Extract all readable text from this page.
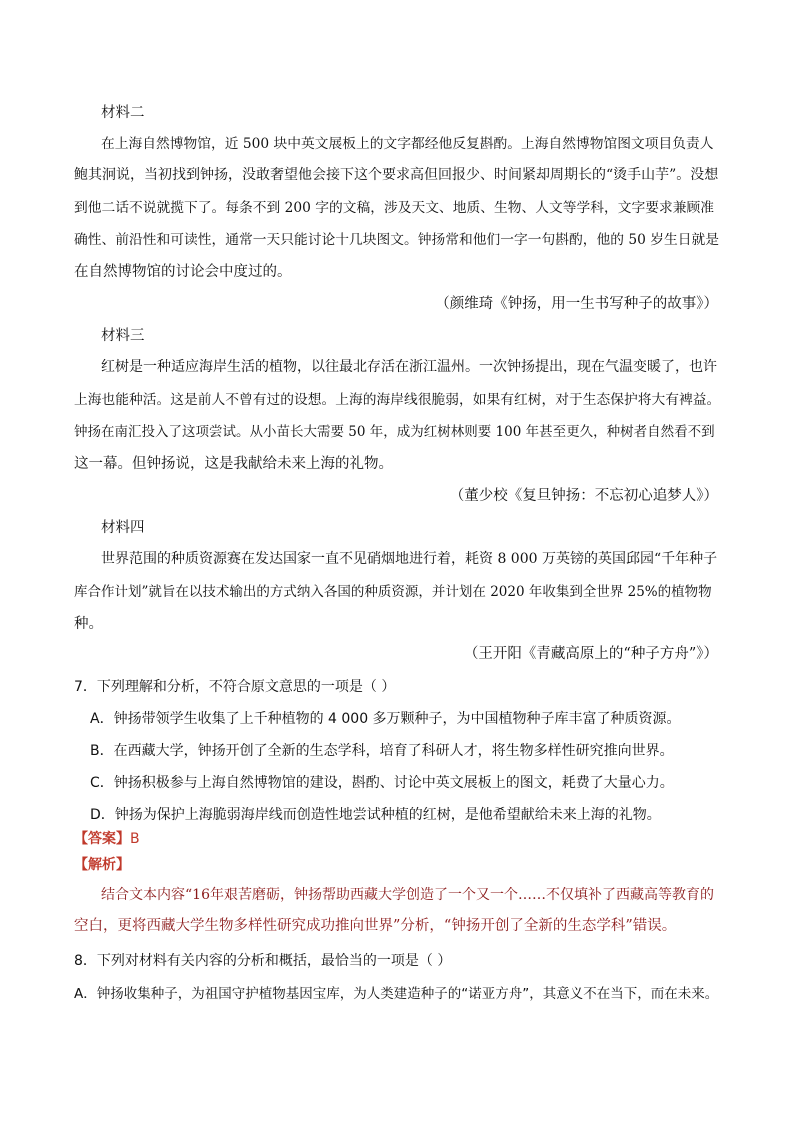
材料二
在上海自然博物馆，近 500 块中英文展板上的文字都经他反复斟酌。上海自然博物馆图文项目负责人
鲍其泂说，当初找到钟扬，没敢奢望他会接下这个要求高但回报少、时间紧却周期长的“烫手山芋”。没想
到他二话不说就揽下了。每条不到 200 字的文稿，涉及天文、地质、生物、人文等学科，文字要求兼顾准
确性、前沿性和可读性，通常一天只能讨论十几块图文。钟扬常和他们一字一句斟酌，他的 50 岁生日就是
在自然博物馆的讨论会中度过的。
（颜维琦《钟扬，用一生书写种子的故事》）
材料三
红树是一种适应海岸生活的植物，以往最北存活在浙江温州。一次钟扬提出，现在气温变暖了，也许
上海也能种活。这是前人不曾有过的设想。上海的海岸线很脆弱，如果有红树，对于生态保护将大有裨益。
钟扬在南汇投入了这项尝试。从小苗长大需要 50 年，成为红树林则要 100 年甚至更久，种树者自然看不到
这一幕。但钟扬说，这是我献给未来上海的礼物。
（董少校《复旦钟扬：不忘初心追梦人》）
材料四
世界范围的种质资源赛在发达国家一直不见硝烟地进行着，耗资 8 000 万英镑的英国邱园“千年种子
库合作计划”就旨在以技术输出的方式纳入各国的种质资源，并计划在 2020 年收集到全世界 25%的植物物
种。
（王开阳《青藏高原上的“种子方舟”》）
7．下列理解和分析，不符合原文意思的一项是（ ）
A．钟扬带领学生收集了上千种植物的 4 000 多万颗种子，为中国植物种子库丰富了种质资源。
B．在西藏大学，钟扬开创了全新的生态学科，培育了科研人才，将生物多样性研究推向世界。
C．钟扬积极参与上海自然博物馆的建设，斟酌、讨论中英文展板上的图文，耗费了大量心力。
D．钟扬为保护上海脆弱海岸线而创造性地尝试种植的红树，是他希望献给未来上海的礼物。
【答案】B
【解析】
结合文本内容“16年艰苦磨砺，钟扬帮助西藏大学创造了一个又一个……不仅填补了西藏高等教育的
空白，更将西藏大学生物多样性研究成功推向世界”分析，“钟扬开创了全新的生态学科”错误。
8．下列对材料有关内容的分析和概括，最恰当的一项是（ ）
A．钟扬收集种子，为祖国守护植物基因宝库，为人类建造种子的“诺亚方舟”，其意义不在当下，而在未来。
